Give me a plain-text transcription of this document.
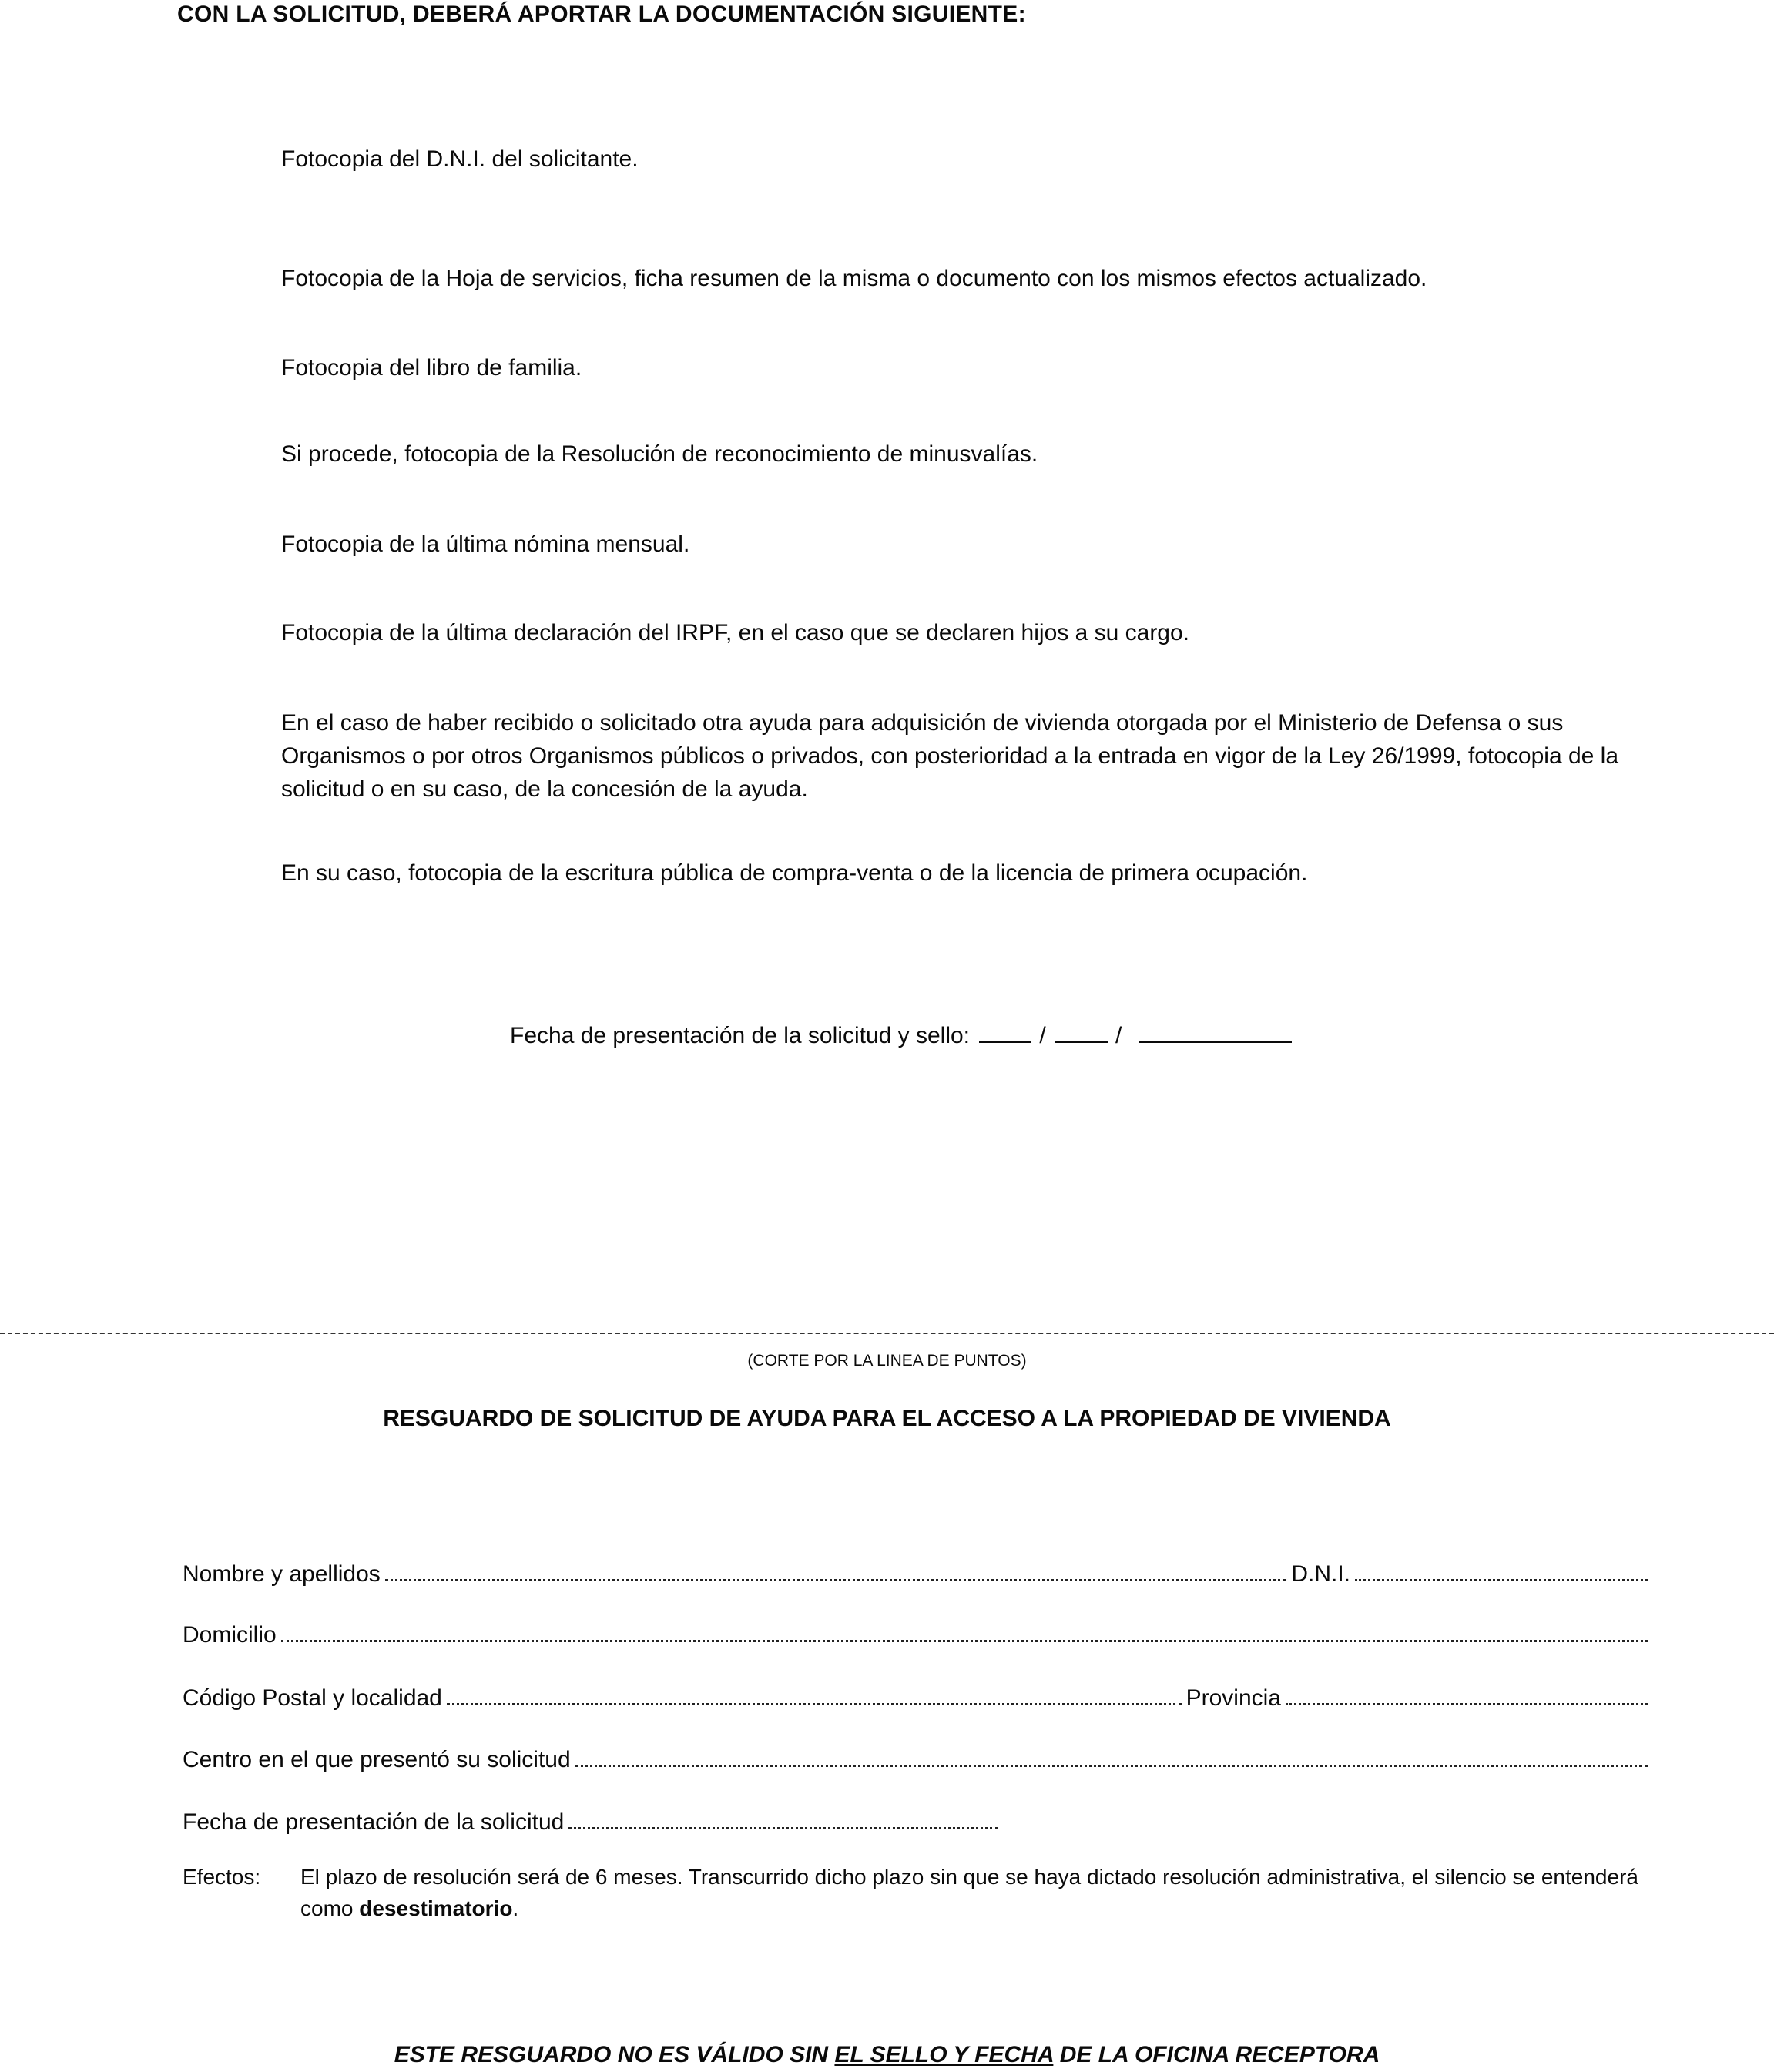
CON LA SOLICITUD, DEBERÁ APORTAR LA DOCUMENTACIÓN SIGUIENTE:
Fotocopia del D.N.I. del solicitante.
Fotocopia de la Hoja de servicios, ficha resumen de la misma o documento con los mismos efectos actualizado.
Fotocopia del libro de familia.
Si procede, fotocopia de la Resolución de reconocimiento de minusvalías.
Fotocopia de la última nómina mensual.
Fotocopia de la última declaración del IRPF, en el caso que se declaren hijos a su cargo.
En el caso de haber recibido o solicitado otra ayuda para adquisición de vivienda otorgada por el Ministerio de Defensa o sus Organismos o por otros Organismos públicos o privados, con posterioridad a la entrada en vigor de la Ley 26/1999, fotocopia de la solicitud o en su caso, de la concesión de la ayuda.
En su caso, fotocopia de la escritura pública de compra-venta o de la licencia de primera ocupación.
Fecha de presentación de la solicitud y sello:	/	/
(CORTE POR LA LINEA DE PUNTOS)
RESGUARDO DE SOLICITUD DE AYUDA PARA EL ACCESO A LA PROPIEDAD DE VIVIENDA
Nombre y apellidos	D.N.I.
Domicilio
Código Postal y localidad	Provincia
Centro en el que presentó su solicitud
Fecha de presentación de la solicitud
Efectos: El plazo de resolución será de 6 meses. Transcurrido dicho plazo sin que se haya dictado resolución administrativa, el silencio se entenderá como desestimatorio.
ESTE RESGUARDO NO ES VÁLIDO SIN EL SELLO Y FECHA DE LA OFICINA RECEPTORA
